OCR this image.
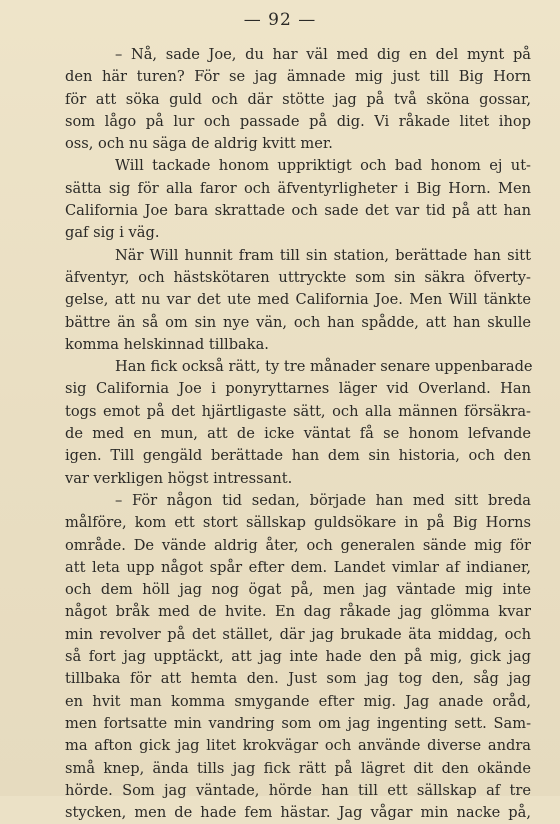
— 92 —
– Nå, sade Joe, du har väl med dig en del mynt på
den här turen? För se jag ämnade mig just till Big Horn
för att söka guld och där stötte jag på två sköna gossar,
som lågo på lur och passade på dig. Vi råkade litet ihop
oss, och nu säga de aldrig kvitt mer.
Will tackade honom uppriktigt och bad honom ej ut-
sätta sig för alla faror och äfventyrligheter i Big Horn. Men
California Joe bara skrattade och sade det var tid på att han
gaf sig i väg.
När Will hunnit fram till sin station, berättade han sitt
äfventyr, och hästskötaren uttryckte som sin säkra öfverty-
gelse, att nu var det ute med California Joe. Men Will tänkte
bättre än så om sin nye vän, och han spådde, att han skulle
komma helskinnad tillbaka.
Han fick också rätt, ty tre månader senare uppenbarade
sig California Joe i ponyryttarnes läger vid Overland. Han
togs emot på det hjärtligaste sätt, och alla männen försäkra-
de med en mun, att de icke väntat få se honom lefvande
igen. Till gengäld berättade han dem sin historia, och den
var verkligen högst intressant.
– För någon tid sedan, började han med sitt breda
målföre, kom ett stort sällskap guldsökare in på Big Horns
område. De vände aldrig åter, och generalen sände mig för
att leta upp något spår efter dem. Landet vimlar af indianer,
och dem höll jag nog ögat på, men jag väntade mig inte
något bråk med de hvite. En dag råkade jag glömma kvar
min revolver på det stället, där jag brukade äta middag, och
så fort jag upptäckt, att jag inte hade den på mig, gick jag
tillbaka för att hemta den. Just som jag tog den, såg jag
en hvit man komma smygande efter mig. Jag anade oråd,
men fortsatte min vandring som om jag ingenting sett. Sam-
ma afton gick jag litet krokvägar och använde diverse andra
små knep, ända tills jag fick rätt på lägret dit den okände
hörde. Som jag väntade, hörde han till ett sällskap af tre
stycken, men de hade fem hästar. Jag vågar min nacke på,
